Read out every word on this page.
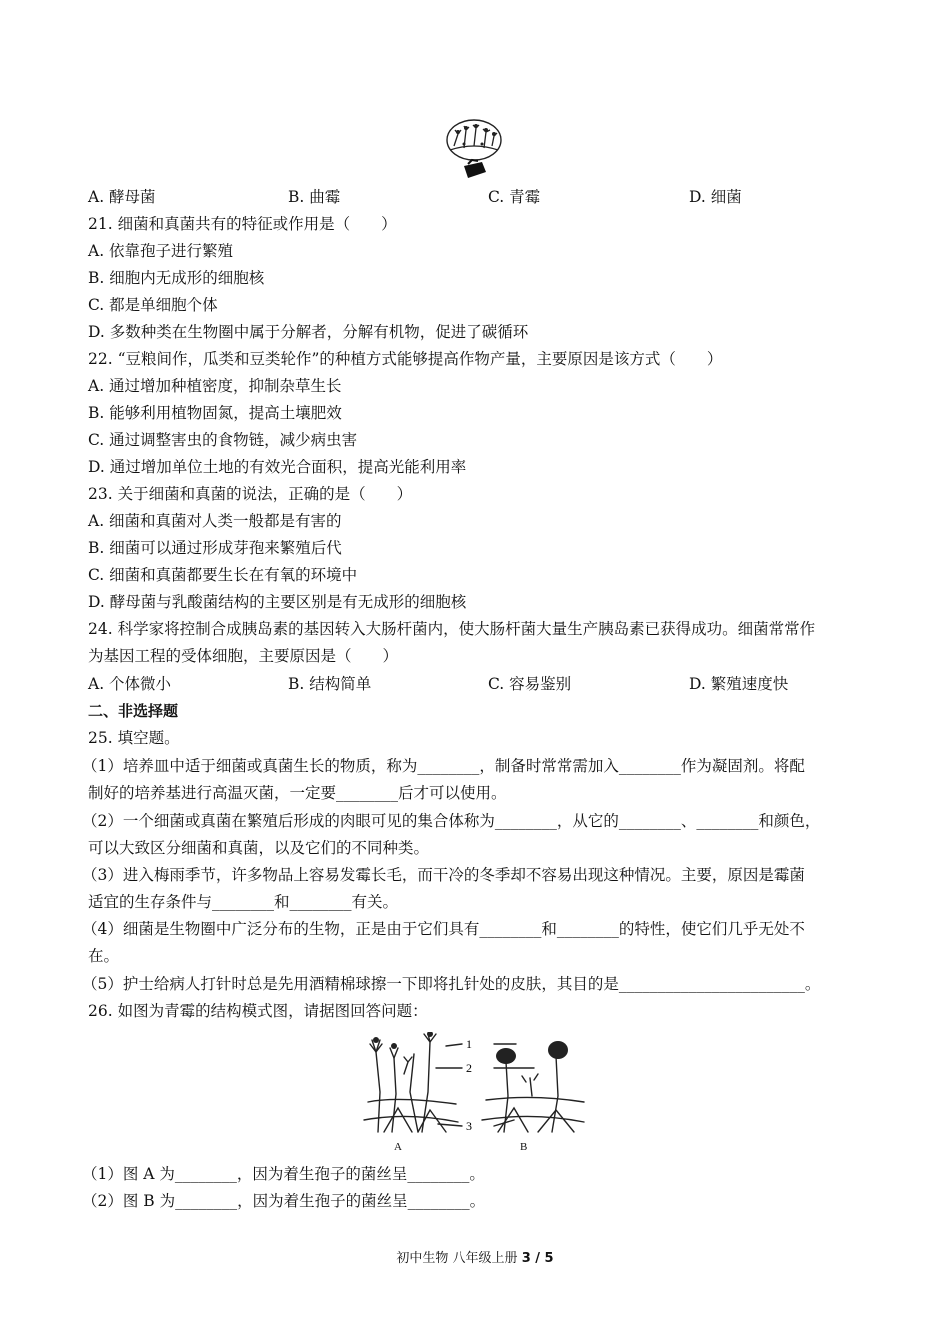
A. 酵母菌	B. 曲霉	C. 青霉	D. 细菌
21. 细菌和真菌共有的特征或作用是（　　）
A. 依靠孢子进行繁殖
B. 细胞内无成形的细胞核
C. 都是单细胞个体
D. 多数种类在生物圈中属于分解者，分解有机物，促进了碳循环
22. “豆粮间作，瓜类和豆类轮作”的种植方式能够提高作物产量，主要原因是该方式（　　）
A. 通过增加种植密度，抑制杂草生长
B. 能够利用植物固氮，提高土壤肥效
C. 通过调整害虫的食物链，减少病虫害
D. 通过增加单位土地的有效光合面积，提高光能利用率
23. 关于细菌和真菌的说法，正确的是（　　）
A. 细菌和真菌对人类一般都是有害的
B. 细菌可以通过形成芽孢来繁殖后代
C. 细菌和真菌都要生长在有氧的环境中
D. 酵母菌与乳酸菌结构的主要区别是有无成形的细胞核
24. 科学家将控制合成胰岛素的基因转入大肠杆菌内，使大肠杆菌大量生产胰岛素已获得成功。细菌常常作
为基因工程的受体细胞，主要原因是（　　）
A. 个体微小	B. 结构简单	C. 容易鉴别	D. 繁殖速度快
二、非选择题
25. 填空题。
（1）培养皿中适于细菌或真菌生长的物质，称为________，制备时常常需加入________作为凝固剂。将配
制好的培养基进行高温灭菌，一定要________后才可以使用。
（2）一个细菌或真菌在繁殖后形成的肉眼可见的集合体称为________，从它的________、________和颜色，
可以大致区分细菌和真菌，以及它们的不同种类。
（3）进入梅雨季节，许多物品上容易发霉长毛，而干冷的冬季却不容易出现这种情况。主要，原因是霉菌
适宜的生存条件与________和________有关。
（4）细菌是生物圈中广泛分布的生物，正是由于它们具有________和________的特性，使它们几乎无处不
在。
（5）护士给病人打针时总是先用酒精棉球擦一下即将扎针处的皮肤，其目的是________________________。
26. 如图为青霉的结构模式图，请据图回答问题：
1
2
3
A	B
（1）图 A 为________，因为着生孢子的菌丝呈________。
（2）图 B 为________，因为着生孢子的菌丝呈________。
初中生物 八年级上册 3 / 5
